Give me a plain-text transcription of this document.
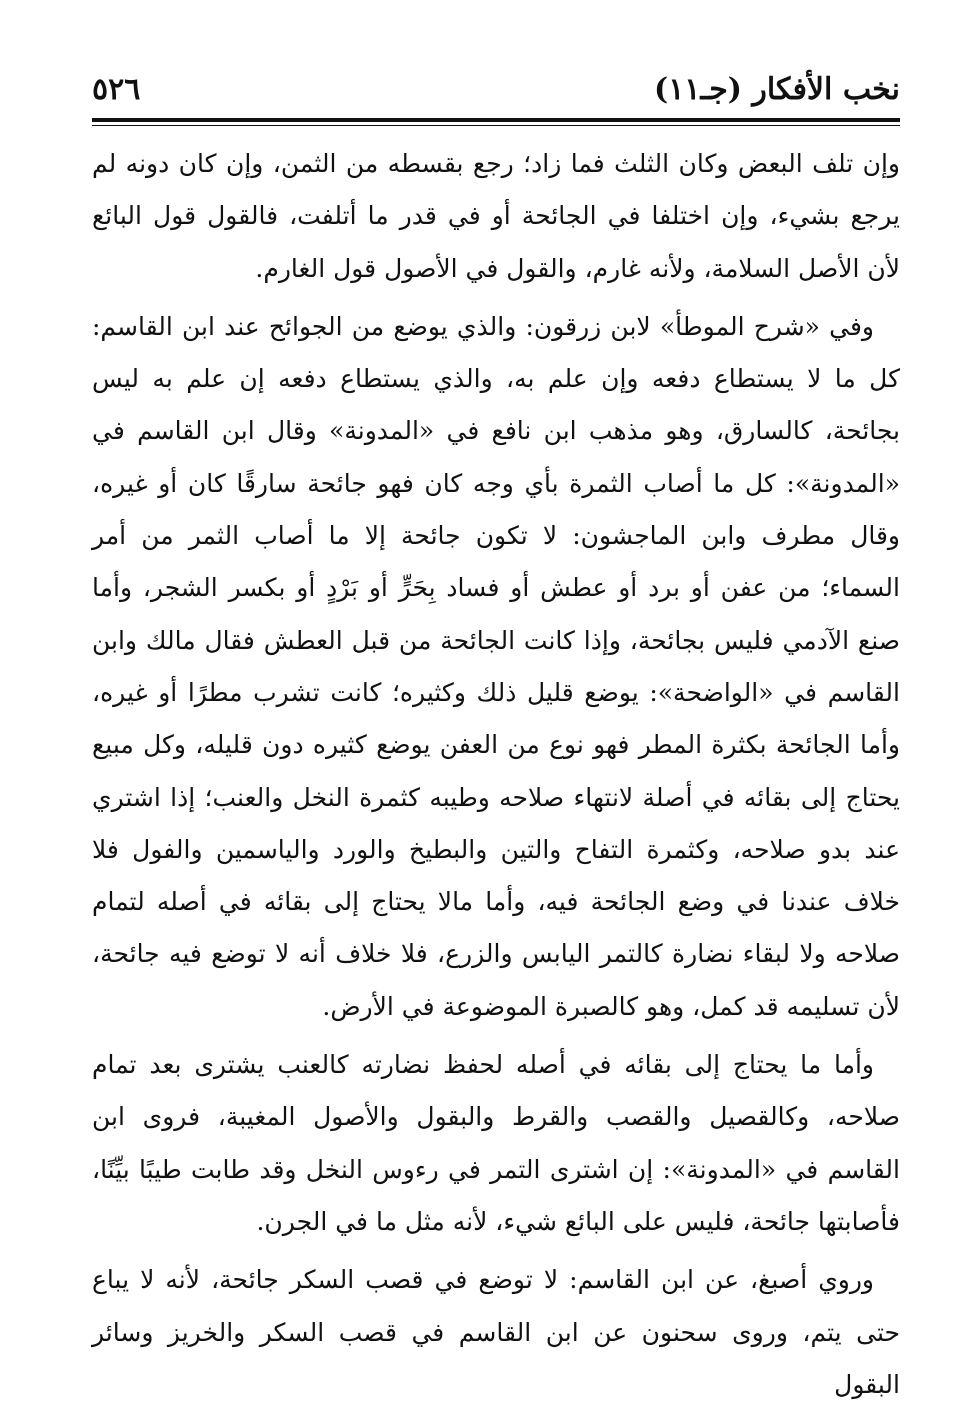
نخب الأفكار (جـ١١)
٥٢٦

وإن تلف البعض وكان الثلث فما زاد؛ رجع بقسطه من الثمن، وإن كان دونه لم يرجع بشيء، وإن اختلفا في الجائحة أو في قدر ما أتلفت، فالقول قول البائع لأن الأصل السلامة، ولأنه غارم، والقول في الأصول قول الغارم.

وفي «شرح الموطأ» لابن زرقون: والذي يوضع من الجوائح عند ابن القاسم: كل ما لا يستطاع دفعه وإن علم به، والذي يستطاع دفعه إن علم به ليس بجائحة، كالسارق، وهو مذهب ابن نافع في «المدونة» وقال ابن القاسم في «المدونة»: كل ما أصاب الثمرة بأي وجه كان فهو جائحة سارقًا كان أو غيره، وقال مطرف وابن الماجشون: لا تكون جائحة إلا ما أصاب الثمر من أمر السماء؛ من عفن أو برد أو عطش أو فساد بِحَرٍّ أو بَرْدٍ أو بكسر الشجر، وأما صنع الآدمي فليس بجائحة، وإذا كانت الجائحة من قبل العطش فقال مالك وابن القاسم في «الواضحة»: يوضع قليل ذلك وكثيره؛ كانت تشرب مطرًا أو غيره، وأما الجائحة بكثرة المطر فهو نوع من العفن يوضع كثيره دون قليله، وكل مبيع يحتاج إلى بقائه في أصلة لانتهاء صلاحه وطيبه كثمرة النخل والعنب؛ إذا اشتري عند بدو صلاحه، وكثمرة التفاح والتين والبطيخ والورد والياسمين والفول فلا خلاف عندنا في وضع الجائحة فيه، وأما مالا يحتاج إلى بقائه في أصله لتمام صلاحه ولا لبقاء نضارة كالتمر اليابس والزرع، فلا خلاف أنه لا توضع فيه جائحة، لأن تسليمه قد كمل، وهو كالصبرة الموضوعة في الأرض.

وأما ما يحتاج إلى بقائه في أصله لحفظ نضارته كالعنب يشترى بعد تمام صلاحه، وكالقصيل والقصب والقرط والبقول والأصول المغيبة، فروى ابن القاسم في «المدونة»: إن اشترى التمر في رءوس النخل وقد طابت طيبًا بيِّنًا، فأصابتها جائحة، فليس على البائع شيء، لأنه مثل ما في الجرن.

وروي أصبغ، عن ابن القاسم: لا توضع في قصب السكر جائحة، لأنه لا يباع حتى يتم، وروى سحنون عن ابن القاسم في قصب السكر والخريز وسائر البقول
